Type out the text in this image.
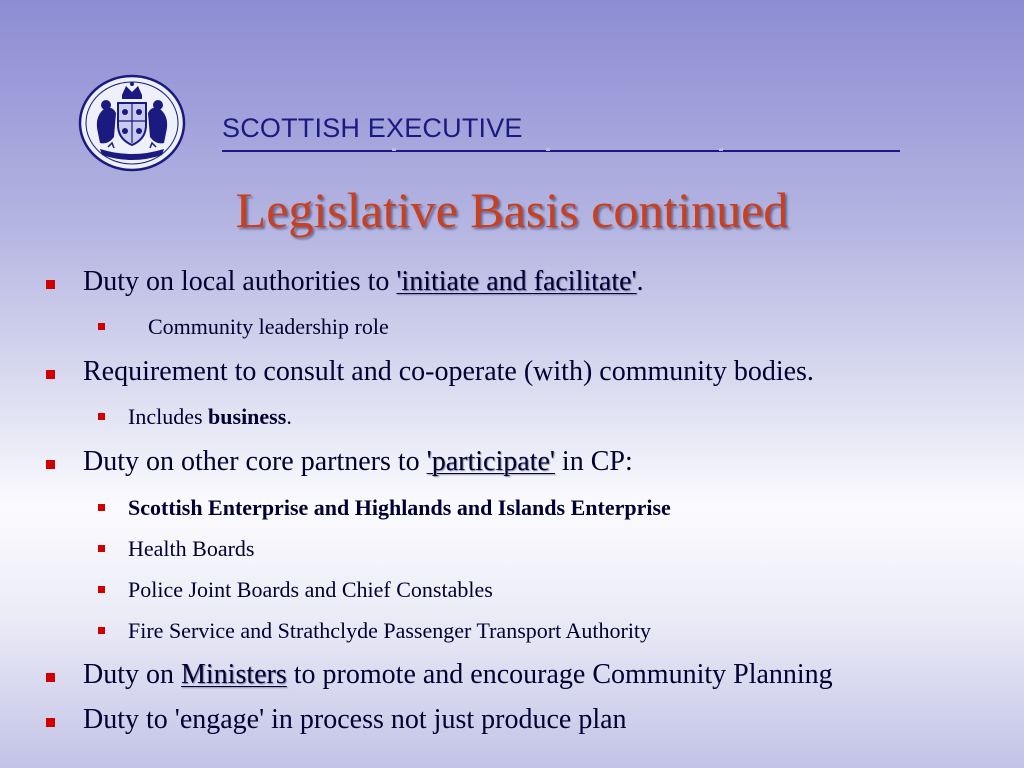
SCOTTISH EXECUTIVE
Legislative Basis continued
Duty on local authorities to 'initiate and facilitate'.
Community leadership role
Requirement to consult and co-operate (with) community bodies.
Includes business.
Duty on other core partners to 'participate' in CP:
Scottish Enterprise and Highlands and Islands Enterprise
Health Boards
Police Joint Boards and Chief Constables
Fire Service and Strathclyde Passenger Transport Authority
Duty on Ministers to promote and encourage Community Planning
Duty to 'engage' in process not just produce plan
